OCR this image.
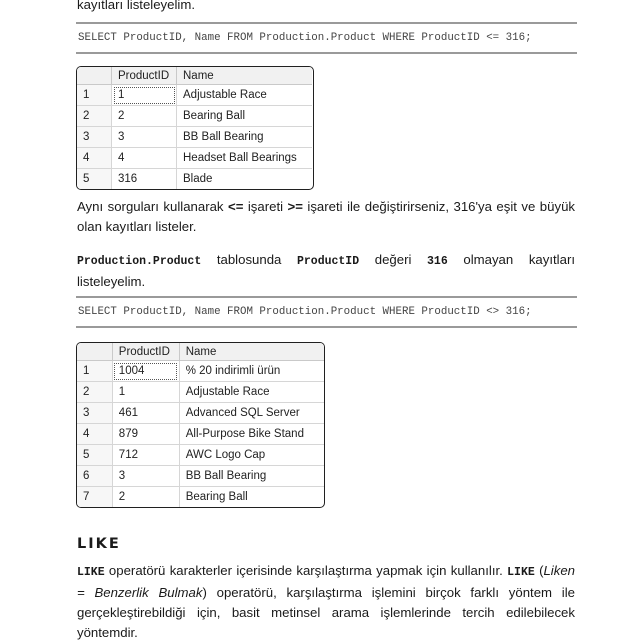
kayıtları listeleyelim.
SELECT ProductID, Name FROM Production.Product WHERE ProductID <= 316;
	ProductID	Name
1	1	Adjustable Race
2	2	Bearing Ball
3	3	BB Ball Bearing
4	4	Headset Ball Bearings
5	316	Blade
Aynı sorguları kullanarak <= işareti >= işareti ile değiştirirseniz, 316'ya eşit ve büyük olan kayıtları listeler.
Production.Product tablosunda ProductID değeri 316 olmayan kayıtları listeleyelim.
SELECT ProductID, Name FROM Production.Product WHERE ProductID <> 316;
	ProductID	Name
1	1004	% 20 indirimli ürün
2	1	Adjustable Race
3	461	Advanced SQL Server
4	879	All-Purpose Bike Stand
5	712	AWC Logo Cap
6	3	BB Ball Bearing
7	2	Bearing Ball
LIKE
LIKE operatörü karakterler içerisinde karşılaştırma yapmak için kullanılır. LIKE (Liken = Benzerlik Bulmak) operatörü, karşılaştırma işlemini birçok farklı yöntem ile gerçekleştirebildiği için, basit metinsel arama işlemlerinde tercih edilebilecek yöntemdir.
